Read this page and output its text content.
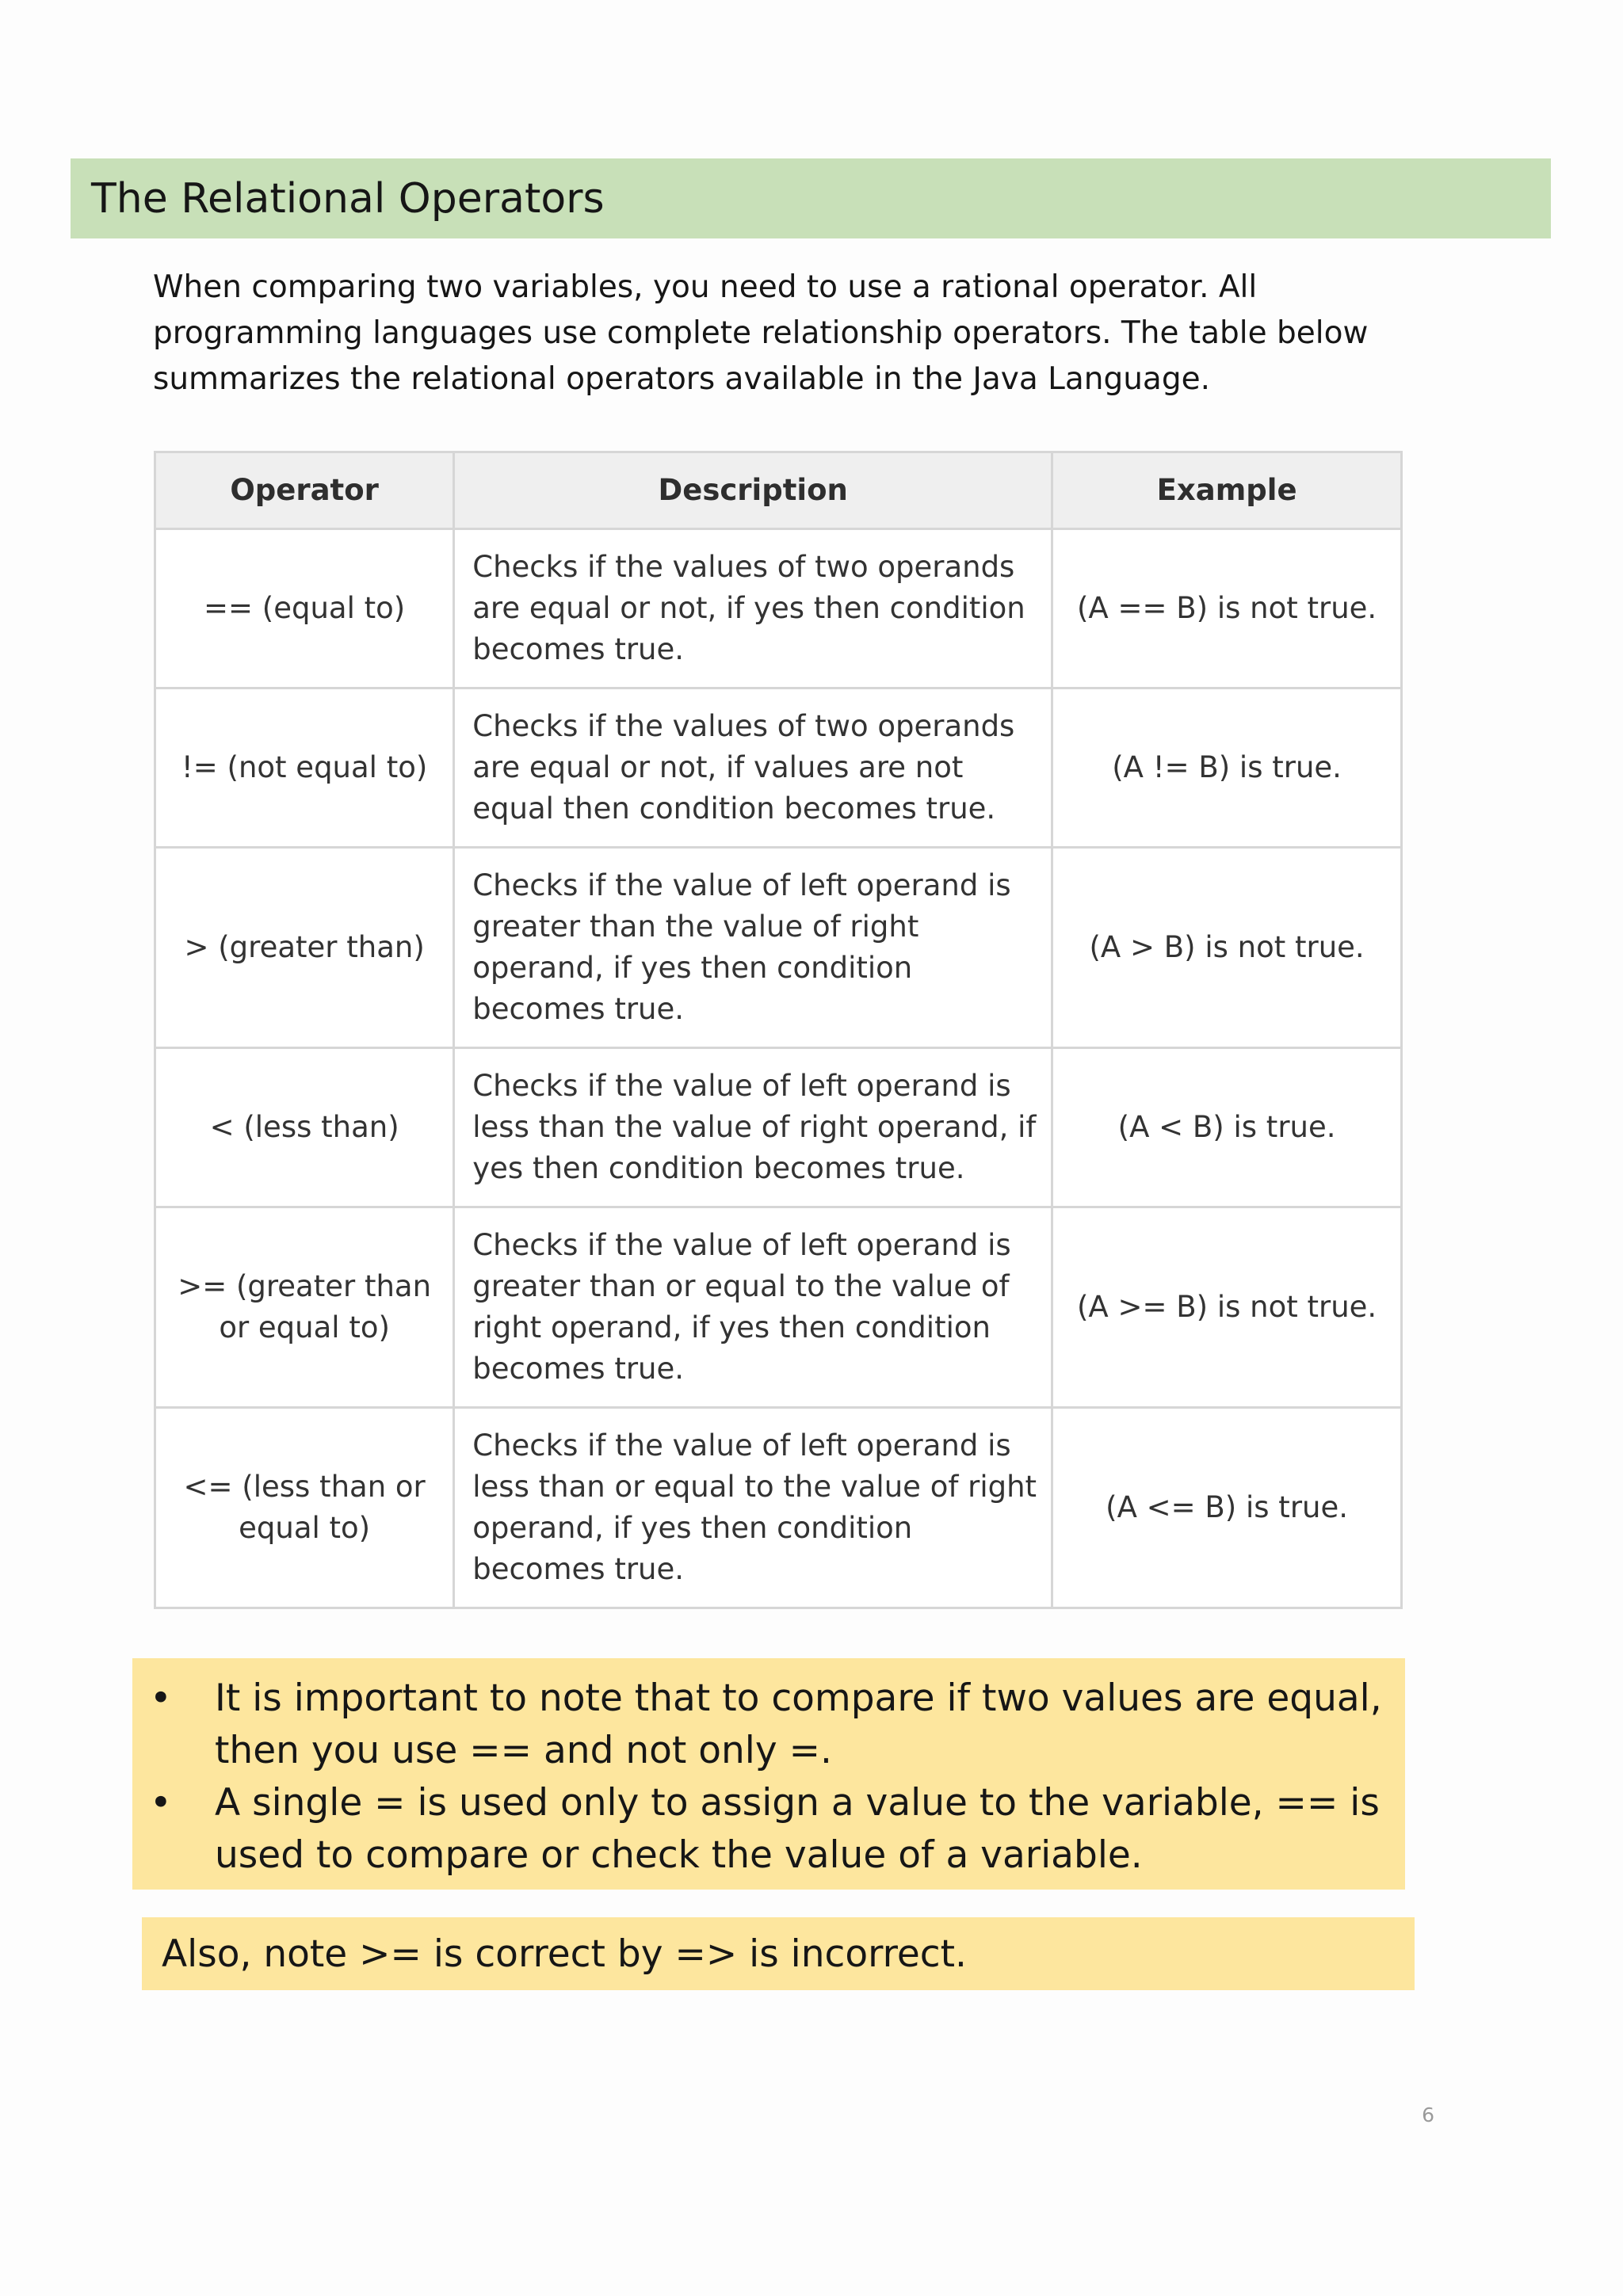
The Relational Operators

When comparing two variables, you need to use a rational operator. All programming languages use complete relationship operators. The table below summarizes the relational operators available in the Java Language.

Operator	Description	Example
== (equal to)	Checks if the values of two operands are equal or not, if yes then condition becomes true.	(A == B) is not true.
!= (not equal to)	Checks if the values of two operands are equal or not, if values are not equal then condition becomes true.	(A != B) is true.
> (greater than)	Checks if the value of left operand is greater than the value of right operand, if yes then condition becomes true.	(A > B) is not true.
< (less than)	Checks if the value of left operand is less than the value of right operand, if yes then condition becomes true.	(A < B) is true.
>= (greater than or equal to)	Checks if the value of left operand is greater than or equal to the value of right operand, if yes then condition becomes true.	(A >= B) is not true.
<= (less than or equal to)	Checks if the value of left operand is less than or equal to the value of right operand, if yes then condition becomes true.	(A <= B) is true.
• It is important to note that to compare if two values are equal, then you use == and not only =.
• A single = is used only to assign a value to the variable, == is used to compare or check the value of a variable.
Also, note >= is correct by => is incorrect.
6
